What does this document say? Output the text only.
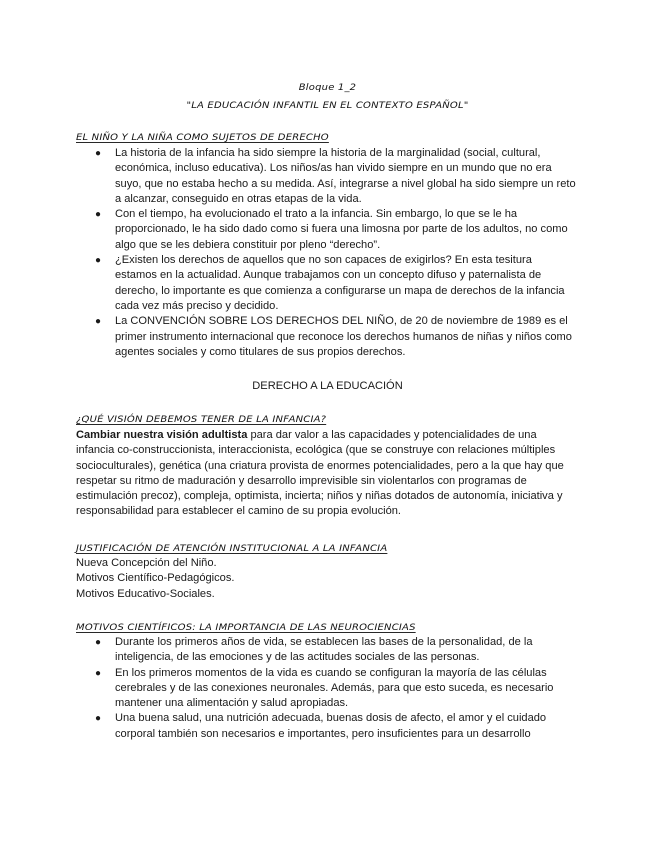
Bloque 1_2
"LA EDUCACIÓN INFANTIL EN EL CONTEXTO ESPAÑOL"
EL NIÑO Y LA NIÑA COMO SUJETOS DE DERECHO
● La historia de la infancia ha sido siempre la historia de la marginalidad (social, cultural, económica, incluso educativa). Los niños/as han vivido siempre en un mundo que no era suyo, que no estaba hecho a su medida. Así, integrarse a nivel global ha sido siempre un reto a alcanzar, conseguido en otras etapas de la vida.
● Con el tiempo, ha evolucionado el trato a la infancia. Sin embargo, lo que se le ha proporcionado, le ha sido dado como si fuera una limosna por parte de los adultos, no como algo que se les debiera constituir por pleno “derecho”.
● ¿Existen los derechos de aquellos que no son capaces de exigirlos? En esta tesitura estamos en la actualidad. Aunque trabajamos con un concepto difuso y paternalista de derecho, lo importante es que comienza a configurarse un mapa de derechos de la infancia cada vez más preciso y decidido.
● La CONVENCIÓN SOBRE LOS DERECHOS DEL NIÑO, de 20 de noviembre de 1989 es el primer instrumento internacional que reconoce los derechos humanos de niñas y niños como agentes sociales y como titulares de sus propios derechos.
DERECHO A LA EDUCACIÓN
¿QUÉ VISIÓN DEBEMOS TENER DE LA INFANCIA?

Cambiar nuestra visión adultista para dar valor a las capacidades y potencialidades de una infancia co-construccionista, interaccionista, ecológica (que se construye con relaciones múltiples socioculturales), genética (una criatura provista de enormes potencialidades, pero a la que hay que respetar su ritmo de maduración y desarrollo imprevisible sin violentarlos con programas de estimulación precoz), compleja, optimista, incierta; niños y niñas dotados de autonomía, iniciativa y responsabilidad para establecer el camino de su propia evolución.

JUSTIFICACIÓN DE ATENCIÓN INSTITUCIONAL A LA INFANCIA
Nueva Concepción del Niño.
Motivos Científico-Pedagógicos.
Motivos Educativo-Sociales.
MOTIVOS CIENTÍFICOS: LA IMPORTANCIA DE LAS NEUROCIENCIAS
● Durante los primeros años de vida, se establecen las bases de la personalidad, de la inteligencia, de las emociones y de las actitudes sociales de las personas.
● En los primeros momentos de la vida es cuando se configuran la mayoría de las células cerebrales y de las conexiones neuronales. Además, para que esto suceda, es necesario mantener una alimentación y salud apropiadas.
● Una buena salud, una nutrición adecuada, buenas dosis de afecto, el amor y el cuidado corporal también son necesarios e importantes, pero insuficientes para un desarrollo
